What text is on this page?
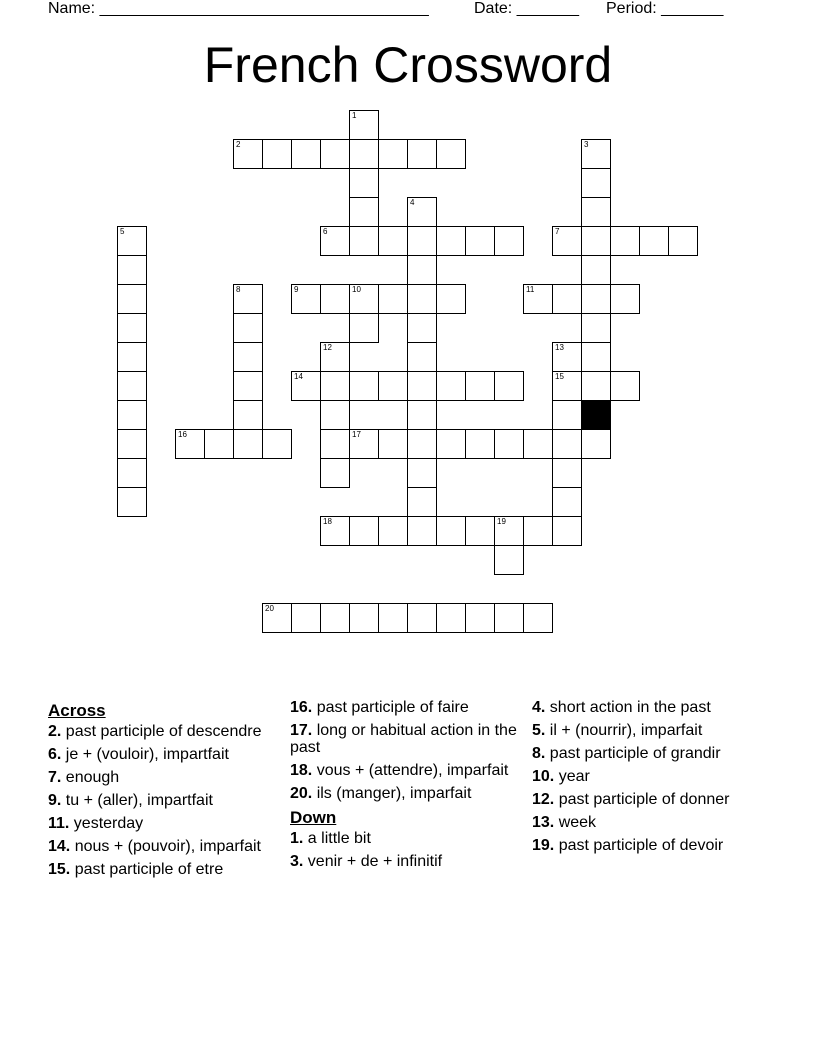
Name: _____________________________________	Date: _______ Period: _______
French Crossword
1
2	3
4
5	6	7
8	9	10	11
12	13
15
14
16	17
18	19
20
Across
2. past participle of descendre
6. je + (vouloir), impartfait
7. enough
9. tu + (aller), impartfait
11. yesterday
14. nous + (pouvoir), imparfait
15. past participle of etre
16. past participle of faire
17. long or habitual action in the past
18. vous + (attendre), imparfait
20. ils (manger), imparfait
Down
1. a little bit
3. venir + de + infinitif
4. short action in the past
5. il + (nourrir), imparfait
8. past participle of grandir
10. year
12. past participle of donner
13. week
19. past participle of devoir
